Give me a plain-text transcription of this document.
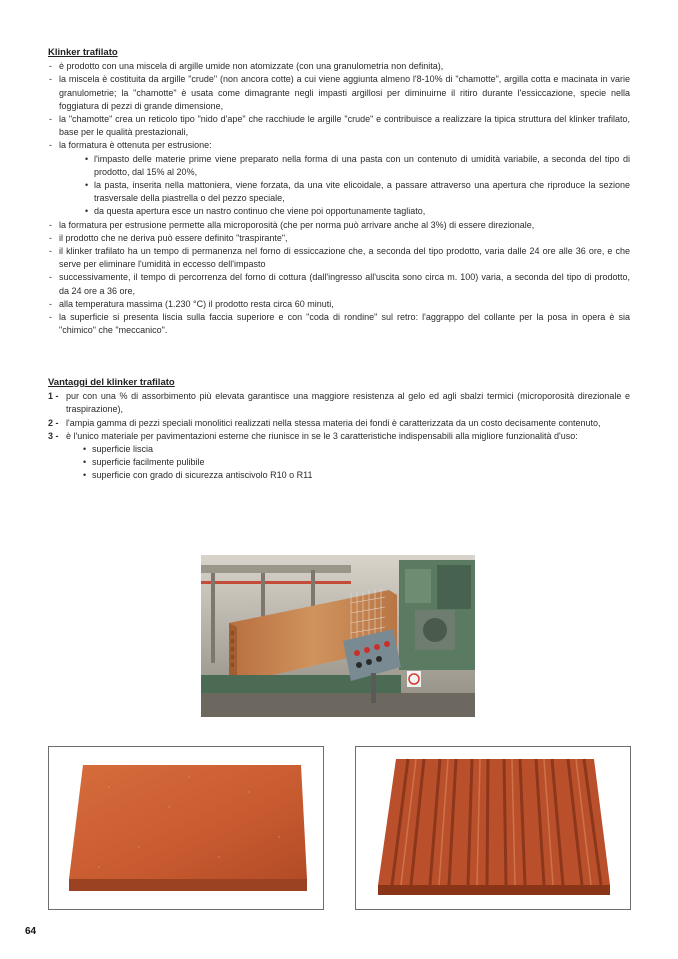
Klinker trafilato
- è prodotto con una miscela di argille umide non atomizzate (con una granulometria non definita),
- la miscela è costituita da argille "crude" (non ancora cotte) a cui viene aggiunta almeno l'8-10% di "chamotte", argilla cotta e macinata in varie granulometrie; la "chamotte" è usata come dimagrante negli impasti argillosi per diminuirne il ritiro durante l'essiccazione, specie nella foggiatura di pezzi di grande dimensione,
- la "chamotte" crea un reticolo tipo "nido d'ape" che racchiude le argille "crude" e contribuisce a realizzare la tipica struttura del klinker trafilato, base per le qualità prestazionali,
- la formatura è ottenuta per estrusione:
• l'impasto delle materie prime viene preparato nella forma di una pasta con un contenuto di umidità variabile, a seconda del tipo di prodotto, dal 15% al 20%,
• la pasta, inserita nella mattoniera, viene forzata, da una vite elicoidale, a passare attraverso una apertura che riproduce la sezione trasversale della piastrella o del pezzo speciale,
• da questa apertura esce un nastro continuo che viene poi opportunamente tagliato,
- la formatura per estrusione permette alla microporosità (che per norma può arrivare anche al 3%) di essere direzionale,
- il prodotto che ne deriva può essere definito "traspirante",
- il klinker trafilato ha un tempo di permanenza nel forno di essiccazione che, a seconda del tipo prodotto, varia dalle 24 ore alle 36 ore, e che serve per eliminare l'umidità in eccesso dell'impasto
- successivamente, il tempo di percorrenza del forno di cottura (dall'ingresso all'uscita sono circa m. 100) varia, a seconda del tipo di prodotto, da 24 ore a 36 ore,
- alla temperatura massima (1.230 °C) il prodotto resta circa 60 minuti,
- la superficie si presenta liscia sulla faccia superiore e con "coda di rondine" sul retro: l'aggrappo del collante per la posa in opera è sia "chimico" che "meccanico".
Vantaggi del klinker trafilato
1 - pur con una % di assorbimento più elevata garantisce una maggiore resistenza al gelo ed agli sbalzi termici (microporosità direzionale e traspirazione),
2 - l'ampia gamma di pezzi speciali monolitici realizzati nella stessa materia dei fondi è caratterizzata da un costo decisamente contenuto,
3 - è l'unico materiale per pavimentazioni esterne che riunisce in se le 3 caratteristiche indispensabili alla migliore funzionalità d'uso:
• superficie liscia
• superficie facilmente pulibile
• superficie con grado di sicurezza antiscivolo R10 o R11
64
